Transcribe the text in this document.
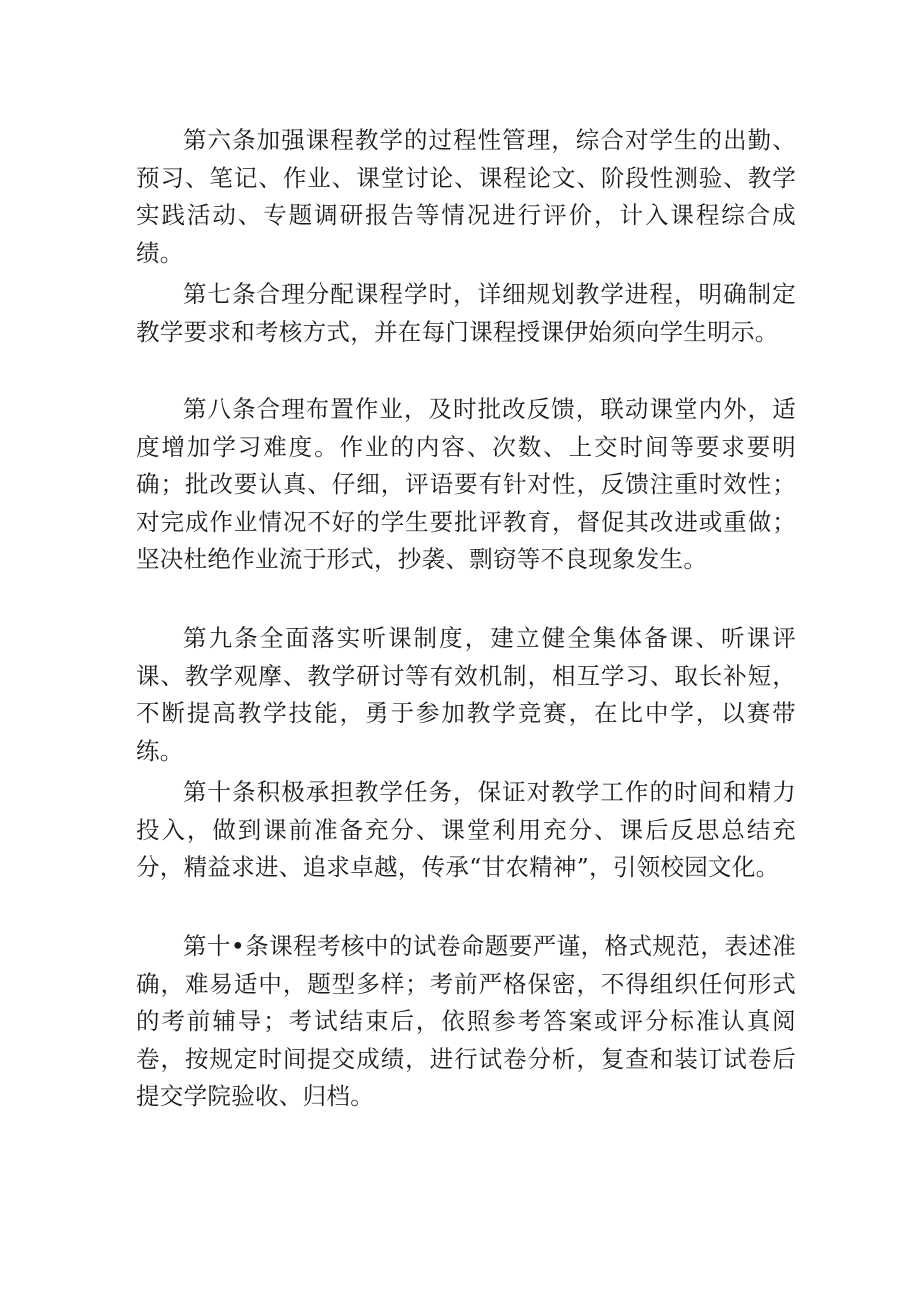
第六条加强课程教学的过程性管理，综合对学生的出勤、预习、笔记、作业、课堂讨论、课程论文、阶段性测验、教学实践活动、专题调研报告等情况进行评价，计入课程综合成绩。

第七条合理分配课程学时，详细规划教学进程，明确制定教学要求和考核方式，并在每门课程授课伊始须向学生明示。

第八条合理布置作业，及时批改反馈，联动课堂内外，适度增加学习难度。作业的内容、次数、上交时间等要求要明确；批改要认真、仔细，评语要有针对性，反馈注重时效性；对完成作业情况不好的学生要批评教育，督促其改进或重做；坚决杜绝作业流于形式，抄袭、剽窃等不良现象发生。

第九条全面落实听课制度，建立健全集体备课、听课评课、教学观摩、教学研讨等有效机制，相互学习、取长补短，不断提高教学技能，勇于参加教学竞赛，在比中学，以赛带练。

第十条积极承担教学任务，保证对教学工作的时间和精力投入，做到课前准备充分、课堂利用充分、课后反思总结充分，精益求进、追求卓越，传承“甘农精神”，引领校园文化。

第十•条课程考核中的试卷命题要严谨，格式规范，表述准确，难易适中，题型多样；考前严格保密，不得组织任何形式的考前辅导；考试结束后，依照参考答案或评分标准认真阅卷，按规定时间提交成绩，进行试卷分析，复查和装订试卷后提交学院验收、归档。
